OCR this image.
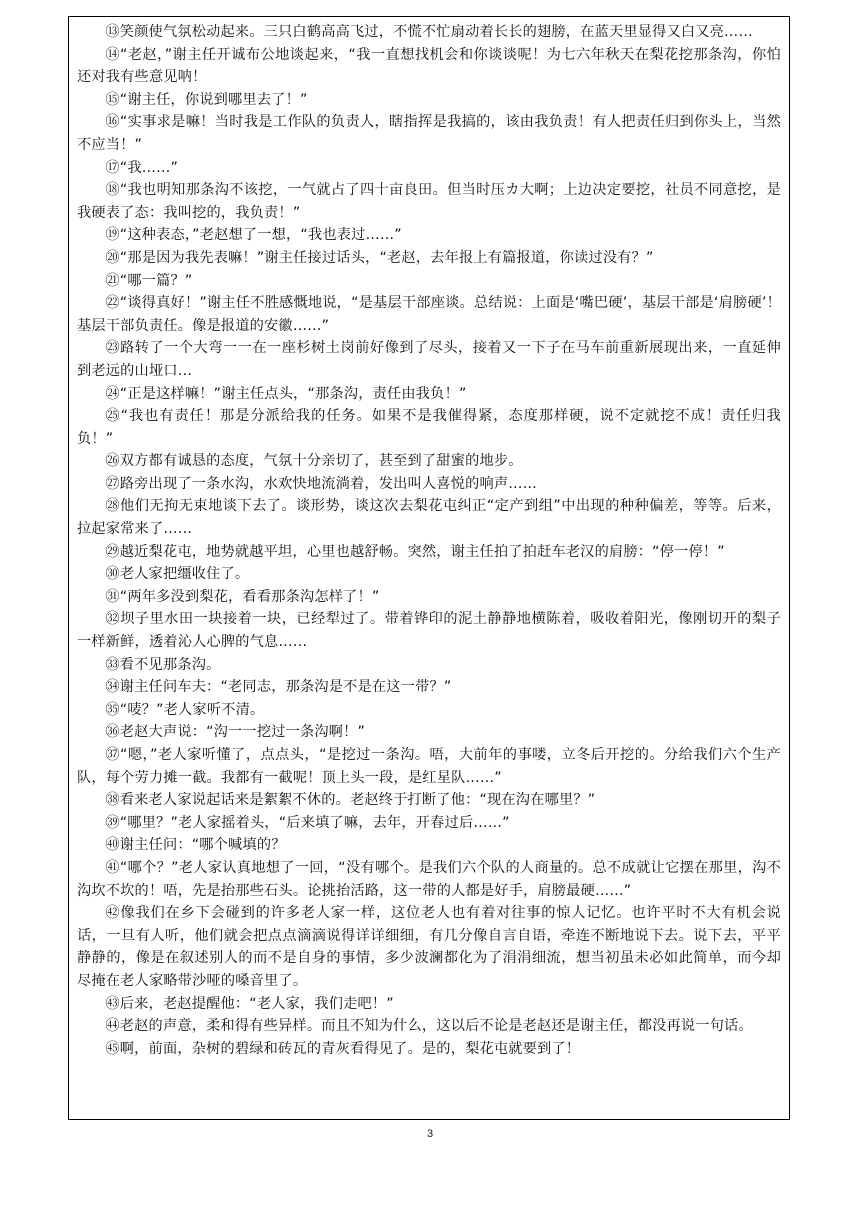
⑬笑颜使气氛松动起来。三只白鹤高高飞过，不慌不忙扇动着长长的翅膀，在蓝天里显得又白又亮……

⑭“老赵，”谢主任开诚布公地谈起来，“我一直想找机会和你谈谈呢！为七六年秋天在梨花挖那条沟，你怕还对我有些意见呐！

⑮“谢主任，你说到哪里去了！”

⑯“实事求是嘛！当时我是工作队的负责人，瞎指挥是我搞的，该由我负责！有人把责任归到你头上，当然不应当！”

⑰“我……”

⑱“我也明知那条沟不该挖，一气就占了四十亩良田。但当时压カ大啊；上边决定要挖，社员不同意挖，是我硬表了态：我叫挖的，我负责！”

⑲“这种表态，”老赵想了一想，“我也表过……”

⑳“那是因为我先表嘛！”谢主任接过话头，“老赵，去年报上有篇报道，你读过没有？”

㉑“哪一篇？”

㉒“谈得真好！”谢主任不胜感慨地说，“是基层干部座谈。总结说：上面是‘嘴巴硬’，基层干部是‘肩膀硬’！基层干部负责任。像是报道的安徽……”

㉓路转了一个大弯一一在一座杉树土岗前好像到了尽头，接着又一下子在马车前重新展现出来，一直延伸到老远的山垭口…

㉔“正是这样嘛！”谢主任点头，“那条沟，责任由我负！”

㉕“我也有责任！那是分派给我的任务。如果不是我催得紧，态度那样硬，说不定就挖不成！责任归我负！”

㉖双方都有诚恳的态度，气氛十分亲切了，甚至到了甜蜜的地步。

㉗路旁出现了一条水沟，水欢快地流淌着，发出叫人喜悦的响声……

㉘他们无拘无束地谈下去了。谈形势，谈这次去梨花屯纠正“定产到组”中出现的种种偏差，等等。后来，拉起家常来了……

㉙越近梨花屯，地势就越平坦，心里也越舒畅。突然，谢主任拍了拍赶车老汉的肩膀：“停一停！”

㉚老人家把缰收住了。

㉛“两年多没到梨花，看看那条沟怎样了！”

㉜坝子里水田一块接着一块，已经犁过了。带着铧印的泥土静静地横陈着，吸收着阳光，像刚切开的梨子一样新鲜，透着沁人心脾的气息……

㉝看不见那条沟。

㉞谢主任问车夫：“老同志，那条沟是不是在这一带？”

㉟“唛？”老人家听不清。

㊱老赵大声说：“沟一一挖过一条沟啊！”

㊲“嗯，”老人家听懂了，点点头，“是挖过一条沟。唔，大前年的事喽，立冬后开挖的。分给我们六个生产队，每个劳力摊一截。我都有一截呢！顶上头一段，是红星队……”

㊳看来老人家说起话来是絮絮不休的。老赵终于打断了他：“现在沟在哪里？”

㊴“哪里？”老人家摇着头，“后来填了嘛，去年，开春过后……”

㊵谢主任问：“哪个喊填的？

㊶“哪个？”老人家认真地想了一回，“没有哪个。是我们六个队的人商量的。总不成就让它摆在那里，沟不沟坎不坎的！唔，先是抬那些石头。论挑抬活路，这一带的人都是好手，肩膀最硬……”

㊷像我们在乡下会碰到的许多老人家一样，这位老人也有着对往事的惊人记忆。也许平时不大有机会说话，一旦有人听，他们就会把点点滴滴说得详详细细，有几分像自言自语，牵连不断地说下去。说下去，平平静静的，像是在叙述别人的而不是自身的事情，多少波澜都化为了涓涓细流，想当初虽未必如此简单，而今却尽掩在老人家略带沙哑的嗓音里了。

㊸后来，老赵提醒他：“老人家，我们走吧！”

㊹老赵的声意，柔和得有些异样。而且不知为什么，这以后不论是老赵还是谢主任，都没再说一句话。

㊺啊，前面，杂树的碧绿和砖瓦的青灰看得见了。是的，梨花屯就要到了！

3
